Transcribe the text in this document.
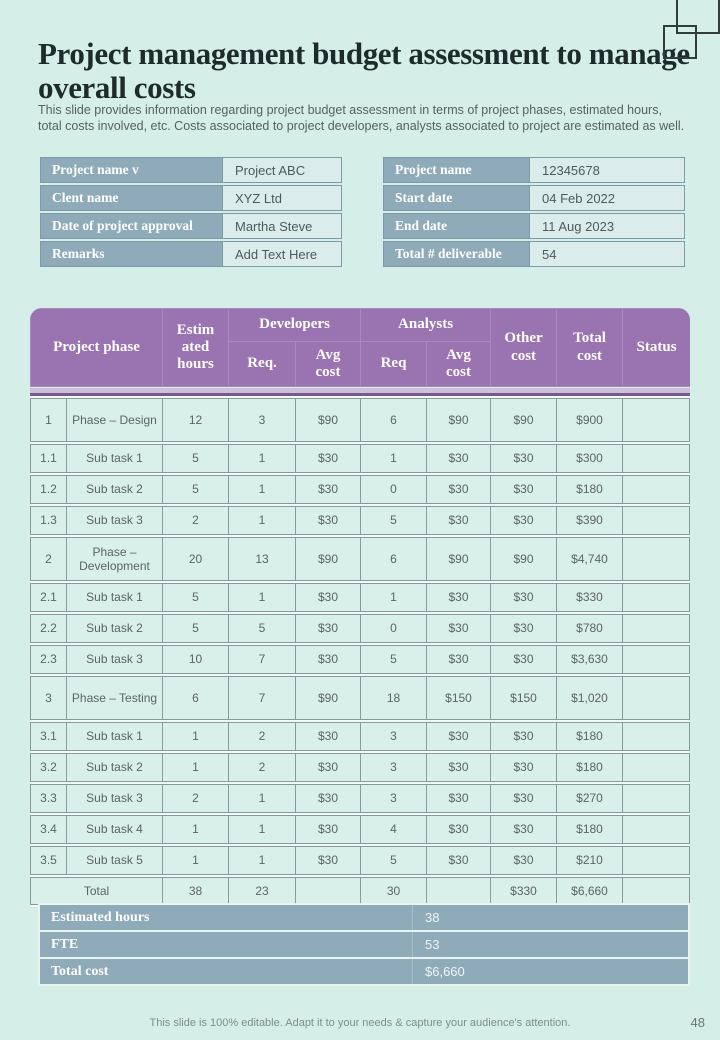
Project management budget assessment to manage overall costs

This slide provides information regarding project budget assessment in terms of project phases, estimated hours, total costs involved, etc. Costs associated to project developers, analysts associated to project are estimated as well.

Project name v	Project ABC
Clent name	XYZ Ltd
Date of project approval	Martha Steve
Remarks	Add Text Here
Project name	12345678
Start date	04 Feb 2022
End date	11 Aug 2023
Total # deliverable	54
Project phase	Estim ated hours	Developers		Analysts		Other cost	Total cost	Status
		Req.	Avg cost	Req	Avg cost			
1	Phase – Design	12	3	$90	6	$90	$90	$900	
1.1	Sub task 1	5	1	$30	1	$30	$30	$300	
1.2	Sub task 2	5	1	$30	0	$30	$30	$180	
1.3	Sub task 3	2	1	$30	5	$30	$30	$390	
2	Phase – Development	20	13	$90	6	$90	$90	$4,740	
2.1	Sub task 1	5	1	$30	1	$30	$30	$330	
2.2	Sub task 2	5	5	$30	0	$30	$30	$780	
2.3	Sub task 3	10	7	$30	5	$30	$30	$3,630	
3	Phase – Testing	6	7	$90	18	$150	$150	$1,020	
3.1	Sub task 1	1	2	$30	3	$30	$30	$180	
3.2	Sub task 2	1	2	$30	3	$30	$30	$180	
3.3	Sub task 3	2	1	$30	3	$30	$30	$270	
3.4	Sub task 4	1	1	$30	4	$30	$30	$180	
3.5	Sub task 5	1	1	$30	5	$30	$30	$210	
Total		38	23		30		$330	$6,660	
Estimated hours	38
FTE	53
Total cost	$6,660
This slide is 100% editable. Adapt it to your needs & capture your audience's attention.	48
